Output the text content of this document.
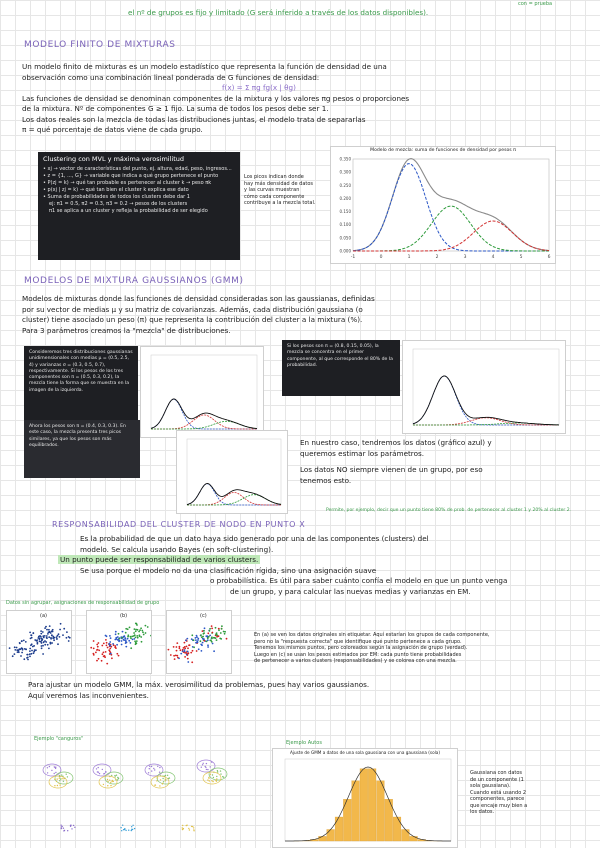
el nº de grupos es fijo y limitado (G será inferido a través de los datos disponibles).
con = prueba
MODELO FINITO DE MIXTURAS
Un modelo finito de mixturas es un modelo estadístico que representa la función de densidad de una
observación como una combinación lineal ponderada de G funciones de densidad:
f(x) = Σ πg fg(x | θg)
Las funciones de densidad se denominan componentes de la mixtura y los valores πg pesos o proporciones
de la mixtura. Nº de componentes G ≥ 1 fijo. La suma de todos los pesos debe ser 1.
Los datos reales son la mezcla de todas las distribuciones juntas, el modelo trata de separarlas
π = qué porcentaje de datos viene de cada grupo.
Clustering con MVL y máxima verosimilitud
• xj → vector de características del punto, ej. altura, edad, peso, ingresos...
• z = {1, ..., G} → variable que indica a qué grupo pertenece el punto
• P(zj = k) → qué tan probable es pertenecer al cluster k → peso πk
• p(xj | zj = k) → qué tan bien el cluster k explica ese dato
• Suma de probabilidades de todos los clusters debe dar 1
ej: π1 = 0.5, π2 = 0.3, π3 = 0.2 → pesos de los clusters
π1 se aplica a un cluster y refleja la probabilidad de ser elegido
Los picos indican donde
hay más densidad de datos
y las curvas muestran
cómo cada componente
contribuye a la mezcla total.
Modelo de mezcla: suma de funciones de densidad por pesos π
-1	0	1	2	3	4	5	6
0.000
0.050
0.100
0.150
0.200
0.250
0.300
0.350
MODELOS DE MIXTURA GAUSSIANOS (GMM)
Modelos de mixturas donde las funciones de densidad consideradas son las gaussianas, definidas
por su vector de medias μ y su matriz de covarianzas. Además, cada distribución gaussiana (o
cluster) tiene asociado un peso (π) que representa la contribución del cluster a la mixtura (%).
Para 3 parámetros creamos la "mezcla" de distribuciones.
Consideremos tres distribuciones gaussianas unidimensionales con medias μ = (0.5, 2.5, 4) y varianzas σ = (0.3, 0.5, 0.7), respectivamente. Si los pesos de los tres componentes son π = (0.5, 0.3, 0.2), la mezcla tiene la forma que se muestra en la imagen de la izquierda.
Si los pesos son π = (0.8, 0.15, 0.05), la mezcla se concentra en el primer componente, al que corresponde el 80% de la probabilidad.
Ahora los pesos son π = (0.4, 0.3, 0.3). En este caso, la mezcla presenta tres picos similares, ya que los pesos son más equilibrados.	En nuestro caso, tendremos los datos (gráfico azul) y
queremos estimar los parámetros.
Los datos NO siempre vienen de un grupo, por eso
tenemos esto.
RESPONSABILIDAD DEL CLUSTER DE NODO EN PUNTO X
Permite, por ejemplo, decir que un punto tiene 80% de prob. de pertenecer al cluster 1 y 20% al cluster 2.
Es la probabilidad de que un dato haya sido generado por una de las componentes (clusters) del
modelo. Se calcula usando Bayes (en soft-clustering).
Un punto puede ser responsabilidad de varios clusters.
Se usa porque el modelo no da una clasificación rígida, sino una asignación suave
o probabilística. Es útil para saber cuánto confía el modelo en que un punto venga
de un grupo, y para calcular las nuevas medias y varianzas en EM.
Datos sin agrupar, asignaciones de responsabilidad de grupo
(a)	(b)	(c)
En (a) se ven los datos originales sin etiquetar. Aquí estarían los grupos de cada componente,
pero no la "respuesta correcta" que identifique qué punto pertenece a cada grupo.
Tenemos los mismos puntos, pero coloreados según la asignación de grupo (verdad).
Luego en (c) se usan los pesos estimados por EM: cada punto tiene probabilidades
de pertenecer a varios clusters (responsabilidades) y se colorea con una mezcla.
Para ajustar un modelo GMM, la máx. verosimilitud da problemas, pues hay varios gaussianos.
Aquí veremos las inconvenientes.
Ejemplo "canguros"
Ejemplo Autos
Ajuste de GMM a datos de una sola gaussiana con una gaussiana (sola)
Gaussiana con datos
de un componente (1
sola gaussiana).
Cuando está usando 2
componentes, parece
que encaje muy bien a
los datos.
